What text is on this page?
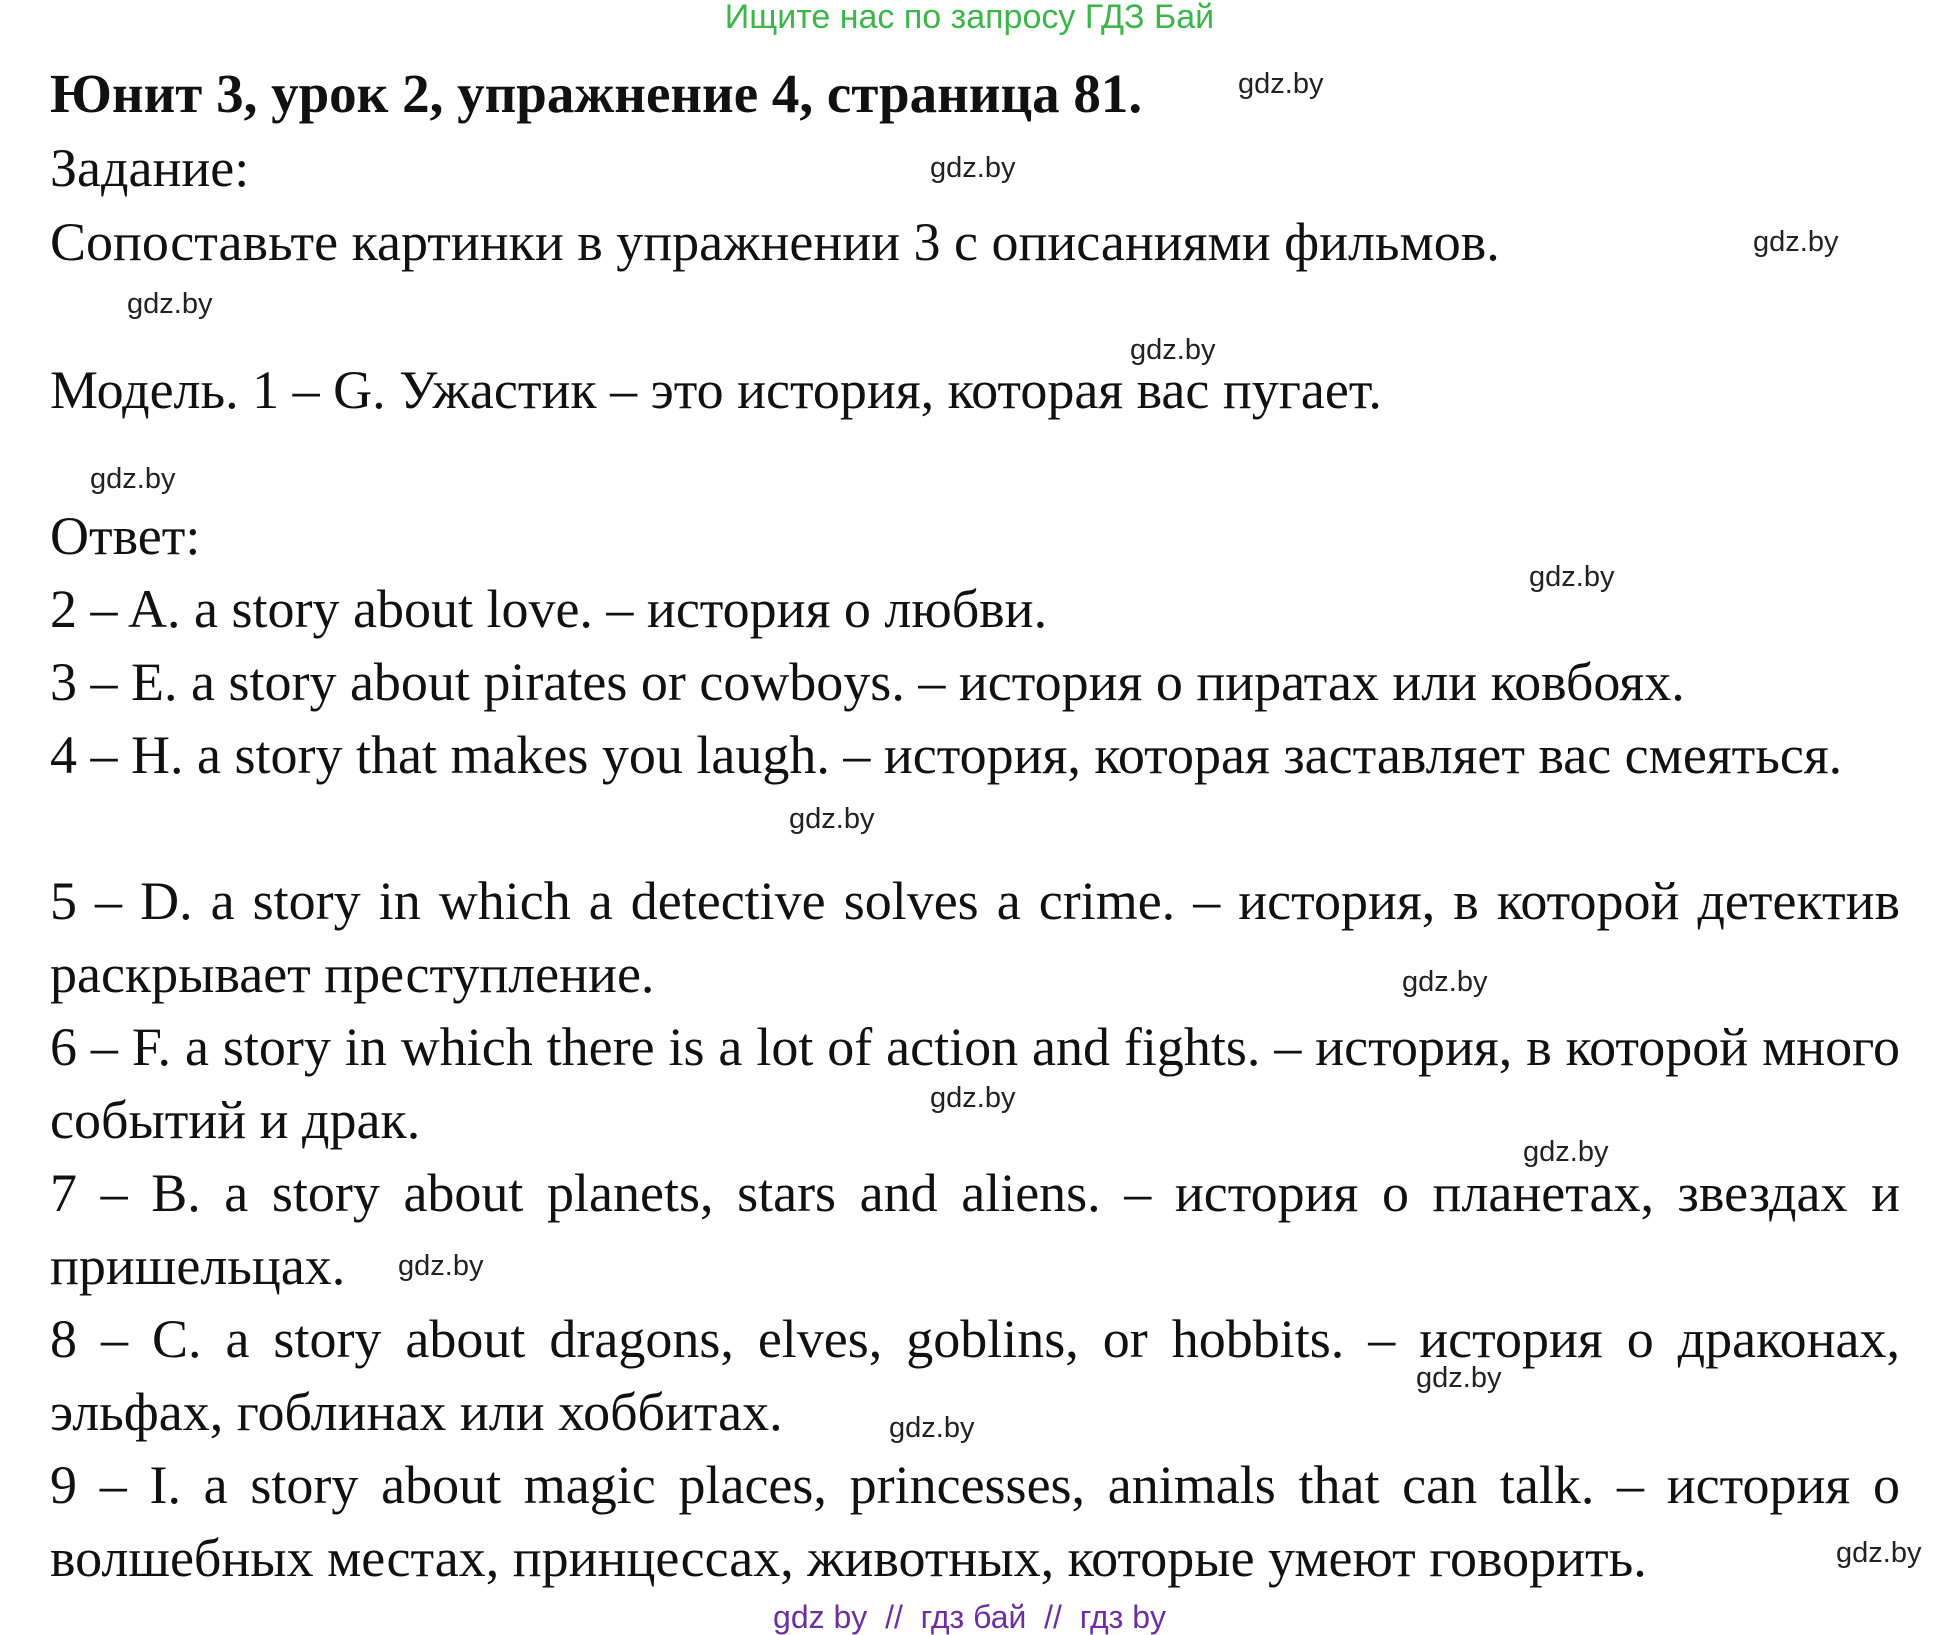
Ищите нас по запросу ГДЗ Бай
Юнит 3, урок 2, упражнение 4, страница 81.
Задание:
Сопоставьте картинки в упражнении 3 с описаниями фильмов.
Модель. 1 – G. Ужастик – это история, которая вас пугает.
Ответ:
2 – A. a story about love. – история о любви.
3 – E. a story about pirates or cowboys. – история о пиратах или ковбоях.
4 – H. a story that makes you laugh. – история, которая заставляет вас смеяться.
5 – D. a story in which a detective solves a crime. – история, в которой детектив раскрывает преступление.
6 – F. a story in which there is a lot of action and fights. – история, в которой много событий и драк.
7 – B. a story about planets, stars and aliens. – история о планетах, звездах и пришельцах.
8 – C. a story about dragons, elves, goblins, or hobbits. – история о драконах, эльфах, гоблинах или хоббитах.
9 – I. a story about magic places, princesses, animals that can talk. – история о волшебных местах, принцессах, животных, которые умеют говорить.
gdz.by
gdz.by
gdz.by
gdz.by
gdz.by
gdz.by
gdz.by
gdz.by
gdz.by
gdz.by
gdz.by
gdz.by
gdz.by
gdz.by
gdz.by
gdz by  //  гдз бай  //  гдз by
